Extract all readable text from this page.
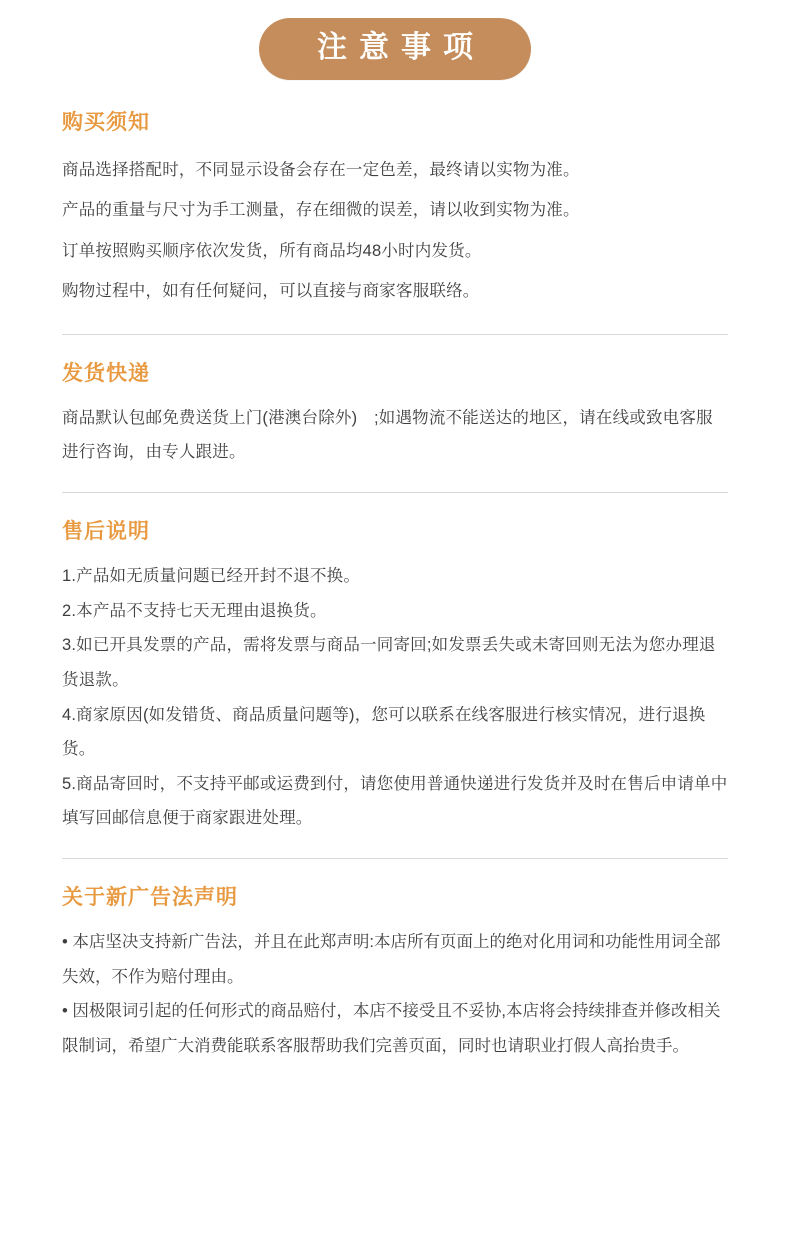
注意事项
购买须知

商品选择搭配时，不同显示设备会存在一定色差，最终请以实物为准。

产品的重量与尺寸为手工测量，存在细微的误差，请以收到实物为准。

订单按照购买顺序依次发货，所有商品均48小时内发货。

购物过程中，如有任何疑问，可以直接与商家客服联络。

发货快递

商品默认包邮免费送货上门(港澳台除外)　;如遇物流不能送达的地区，请在线或致电客服进行咨询，由专人跟进。

售后说明

1.产品如无质量问题已经开封不退不换。

2.本产品不支持七天无理由退换货。

3.如已开具发票的产品，需将发票与商品一同寄回;如发票丢失或未寄回则无法为您办理退货退款。

4.商家原因(如发错货、商品质量问题等)，您可以联系在线客服进行核实情况，进行退换货。

5.商品寄回时，不支持平邮或运费到付，请您使用普通快递进行发货并及时在售后申请单中填写回邮信息便于商家跟进处理。

关于新广告法声明

• 本店坚决支持新广告法，并且在此郑声明:本店所有页面上的绝对化用词和功能性用词全部失效，不作为赔付理由。

• 因极限词引起的任何形式的商品赔付，本店不接受且不妥协,本店将会持续排查并修改相关限制词，希望广大消费能联系客服帮助我们完善页面，同时也请职业打假人高抬贵手。
